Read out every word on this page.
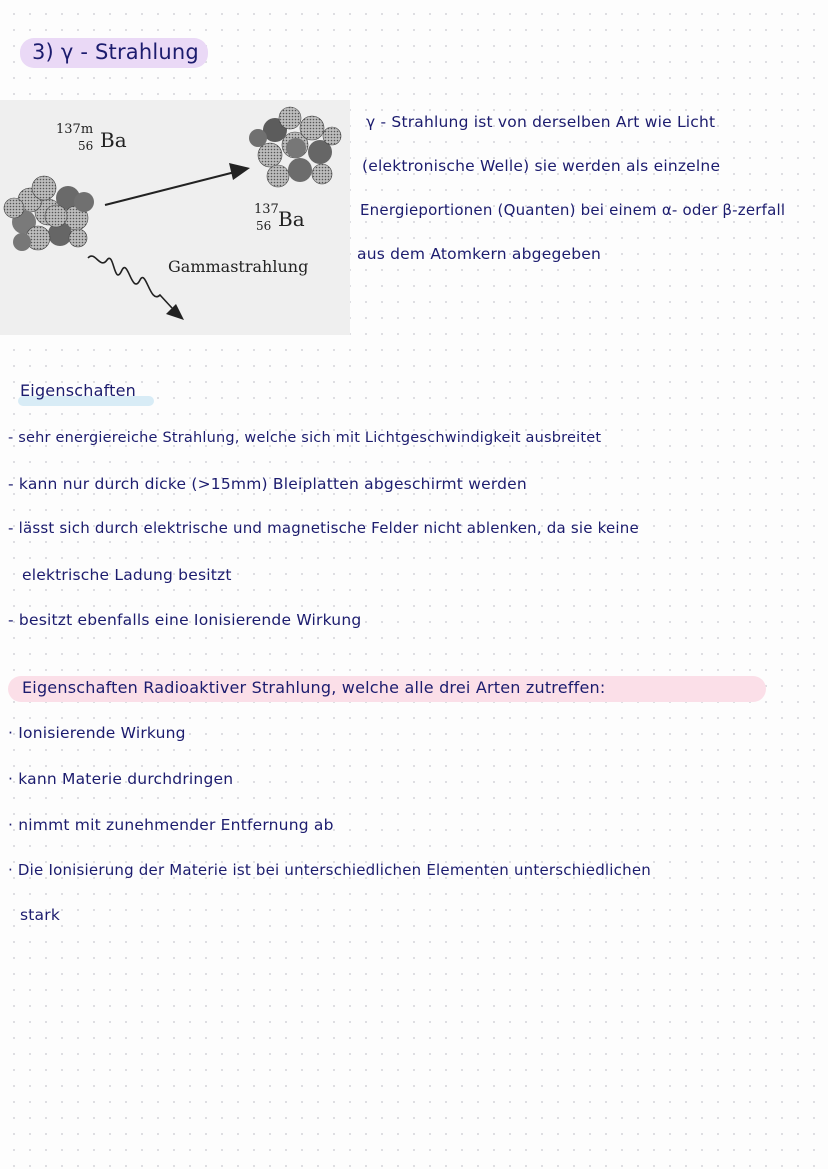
3) γ - Strahlung
137m
56 Ba
137
56 Ba
Gammastrahlung
γ - Strahlung ist von derselben Art wie Licht
(elektronische Welle) sie werden als einzelne
Energieportionen (Quanten) bei einem α- oder β-zerfall
aus dem Atomkern abgegeben
Eigenschaften
- sehr energiereiche Strahlung, welche sich mit Lichtgeschwindigkeit ausbreitet
- kann nur durch dicke (>15mm) Bleiplatten abgeschirmt werden
- lässt sich durch elektrische und magnetische Felder nicht ablenken, da sie keine
elektrische Ladung besitzt
- besitzt ebenfalls eine Ionisierende Wirkung
Eigenschaften Radioaktiver Strahlung, welche alle drei Arten zutreffen:
· Ionisierende Wirkung
· kann Materie durchdringen
· nimmt mit zunehmender Entfernung ab
· Die Ionisierung der Materie ist bei unterschiedlichen Elementen unterschiedlichen
stark
